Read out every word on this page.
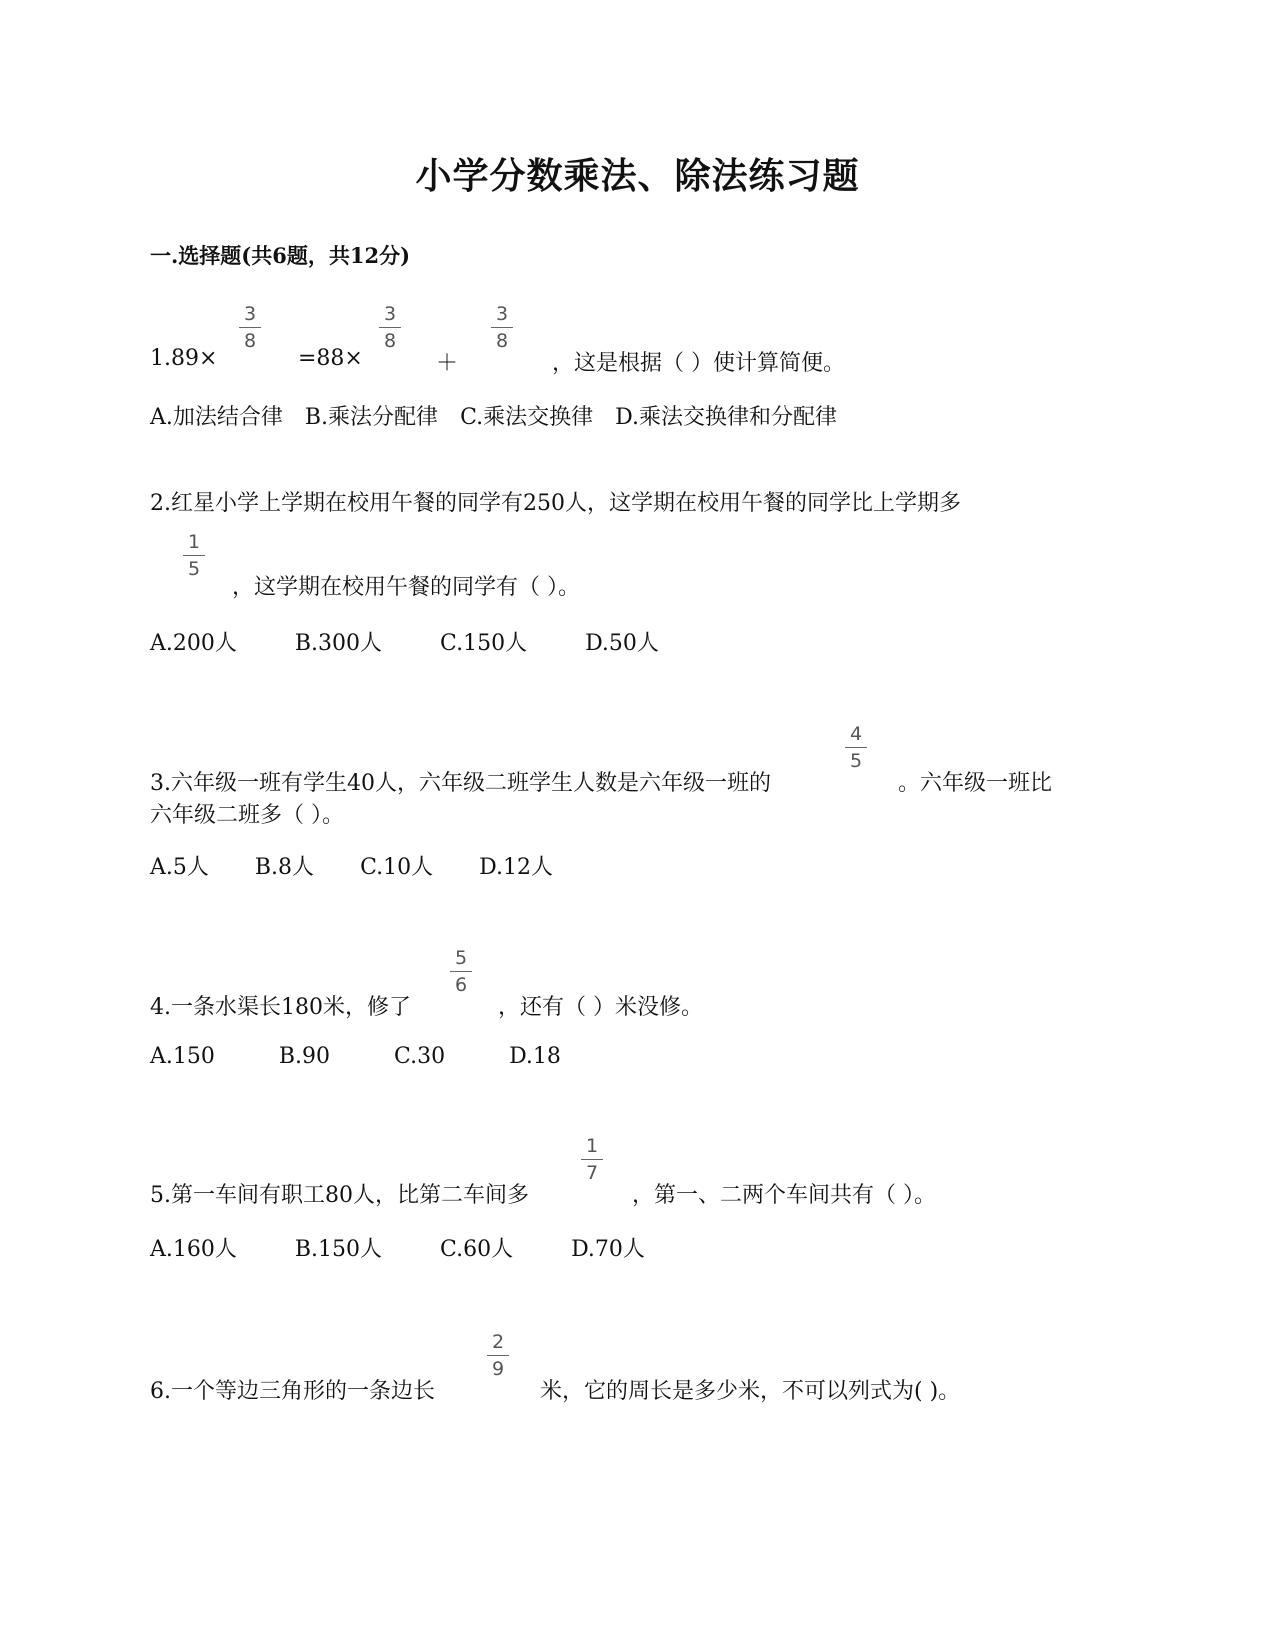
小学分数乘法、除法练习题
一.选择题(共6题，共12分)
3
8
3
8
3
8
1.89×	=88×	＋	，这是根据（ ）使计算简便。
A.加法结合律 B.乘法分配律 C.乘法交换律 D.乘法交换律和分配律
2.红星小学上学期在校用午餐的同学有250人，这学期在校用午餐的同学比上学期多
1
5
，这学期在校用午餐的同学有（ ）。
A.200人	B.300人	C.150人	D.50人
4
5
3.六年级一班有学生40人，六年级二班学生人数是六年级一班的	。六年级一班比
六年级二班多（ ）。
A.5人 B.8人 C.10人 D.12人
5
6
4.一条水渠长180米，修了	，还有（ ）米没修。
A.150	B.90	C.30	D.18
1
7
5.第一车间有职工80人，比第二车间多	，第一、二两个车间共有（ ）。
A.160人	B.150人	C.60人	D.70人
2
9
6.一个等边三角形的一条边长	米，它的周长是多少米，不可以列式为( )。
